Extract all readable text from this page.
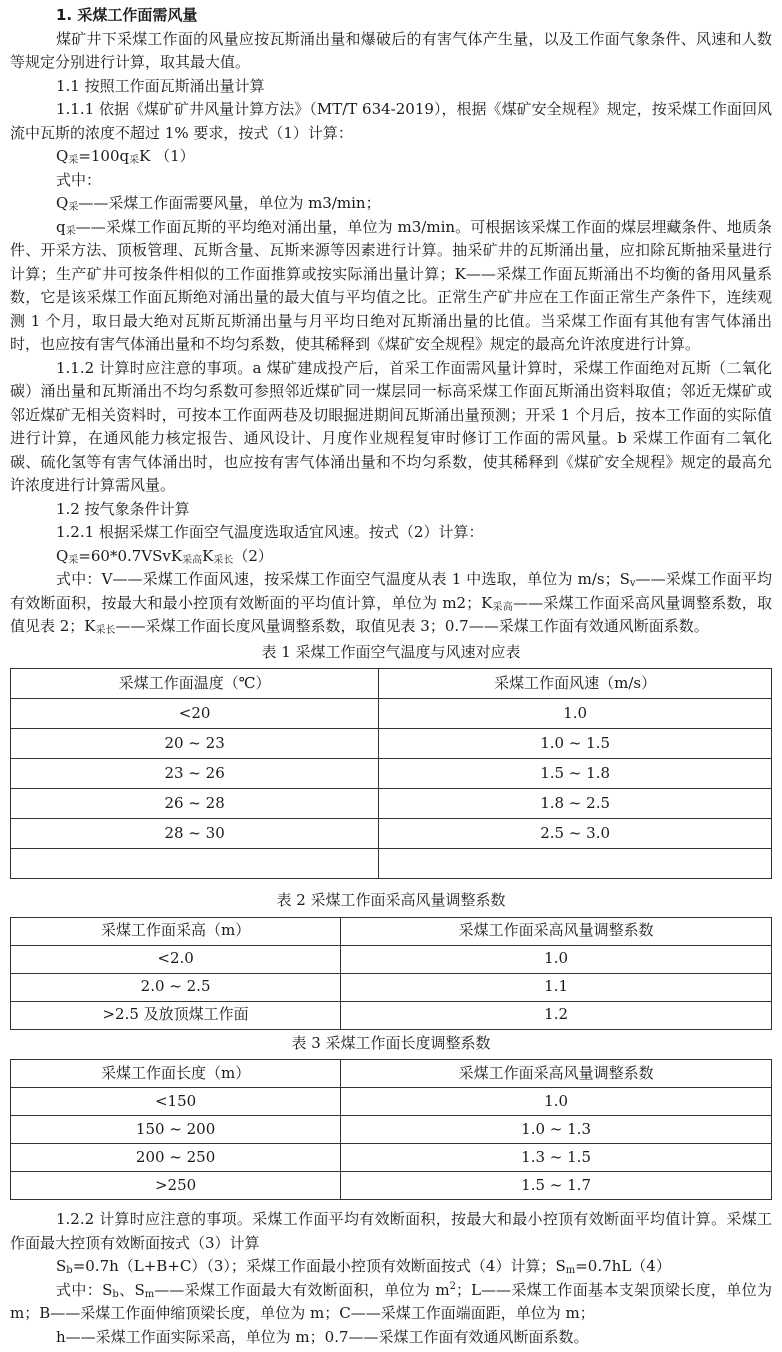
1. 采煤工作面需风量

煤矿井下采煤工作面的风量应按瓦斯涌出量和爆破后的有害气体产生量，以及工作面气象条件、风速和人数等规定分别进行计算，取其最大值。

1.1 按照工作面瓦斯涌出量计算

1.1.1 依据《煤矿矿井风量计算方法》（MT/T 634-2019），根据《煤矿安全规程》规定，按采煤工作面回风流中瓦斯的浓度不超过 1% 要求，按式（1）计算：

$Q_采=100q_采K$ （1）

式中：

$Q_采——$采煤工作面需要风量，单位为 m3/min；

$q_采——$采煤工作面瓦斯的平均绝对涌出量，单位为 m3/min。可根据该采煤工作面的煤层埋藏条件、地质条件、开采方法、顶板管理、瓦斯含量、瓦斯来源等因素进行计算。抽采矿井的瓦斯涌出量，应扣除瓦斯抽采量进行计算；生产矿井可按条件相似的工作面推算或按实际涌出量计算；K——采煤工作面瓦斯涌出不均衡的备用风量系数，它是该采煤工作面瓦斯绝对涌出量的最大值与平均值之比。正常生产矿井应在工作面正常生产条件下，连续观测 1 个月，取日最大绝对瓦斯瓦斯涌出量与月平均日绝对瓦斯涌出量的比值。当采煤工作面有其他有害气体涌出时，也应按有害气体涌出量和不均匀系数，使其稀释到《煤矿安全规程》规定的最高允许浓度进行计算。

1.1.2 计算时应注意的事项。a 煤矿建成投产后，首采工作面需风量计算时，采煤工作面绝对瓦斯（二氧化碳）涌出量和瓦斯涌出不均匀系数可参照邻近煤矿同一煤层同一标高采煤工作面瓦斯涌出资料取值；邻近无煤矿或邻近煤矿无相关资料时，可按本工作面两巷及切眼掘进期间瓦斯涌出量预测；开采 1 个月后，按本工作面的实际值进行计算，在通风能力核定报告、通风设计、月度作业规程复审时修订工作面的需风量。b 采煤工作面有二氧化碳、硫化氢等有害气体涌出时，也应按有害气体涌出量和不均匀系数，使其稀释到《煤矿安全规程》规定的最高允许浓度进行计算需风量。

1.2 按气象条件计算

1.2.1 根据采煤工作面空气温度选取适宜风速。按式（2）计算：

$Q_采=60*0.7VSvK_{采高}K_{采长}(2)$

式中：V——采煤工作面风速，按采煤工作面空气温度从表 1 中选取，单位为 m/s；$S_v——$采煤工作面平均有效断面积，按最大和最小控顶有效断面的平均值计算，单位为 m2；$K_{采高}——$采煤工作面采高风量调整系数，取值见表 2；$K_{采长}——$采煤工作面长度风量调整系数，取值见表 3；0.7——采煤工作面有效通风断面系数。

表 1 采煤工作面空气温度与风速对应表

采煤工作面温度（℃）	采煤工作面风速（m/s）
<20	1.0
20 ~ 23	1.0 ~ 1.5
23 ~ 26	1.5 ~ 1.8
26 ~ 28	1.8 ~ 2.5
28 ~ 30	2.5 ~ 3.0

表 2 采煤工作面采高风量调整系数

采煤工作面采高（m）	采煤工作面采高风量调整系数
<2.0	1.0
2.0 ~ 2.5	1.1
>2.5 及放顶煤工作面	1.2

表 3 采煤工作面长度调整系数

采煤工作面长度（m）	采煤工作面采高风量调整系数
<150	1.0
150 ~ 200	1.0 ~ 1.3
200 ~ 250	1.3 ~ 1.5
>250	1.5 ~ 1.7

1.2.2 计算时应注意的事项。采煤工作面平均有效断面积，按最大和最小控顶有效断面平均值计算。采煤工作面最大控顶有效断面按式（3）计算

$S_b=0.7h(L+B+C)(3)$；采煤工作面最小控顶有效断面按式（4）计算；$S_m=0.7hL(4)$

式中：$S_b$、$S_m——$采煤工作面最大有效断面积，单位为 $m^2$；L——采煤工作面基本支架顶梁长度，单位为 m；B——采煤工作面伸缩顶梁长度，单位为 m；C——采煤工作面端面距，单位为 m；

h——采煤工作面实际采高，单位为 m；0.7——采煤工作面有效通风断面系数。
